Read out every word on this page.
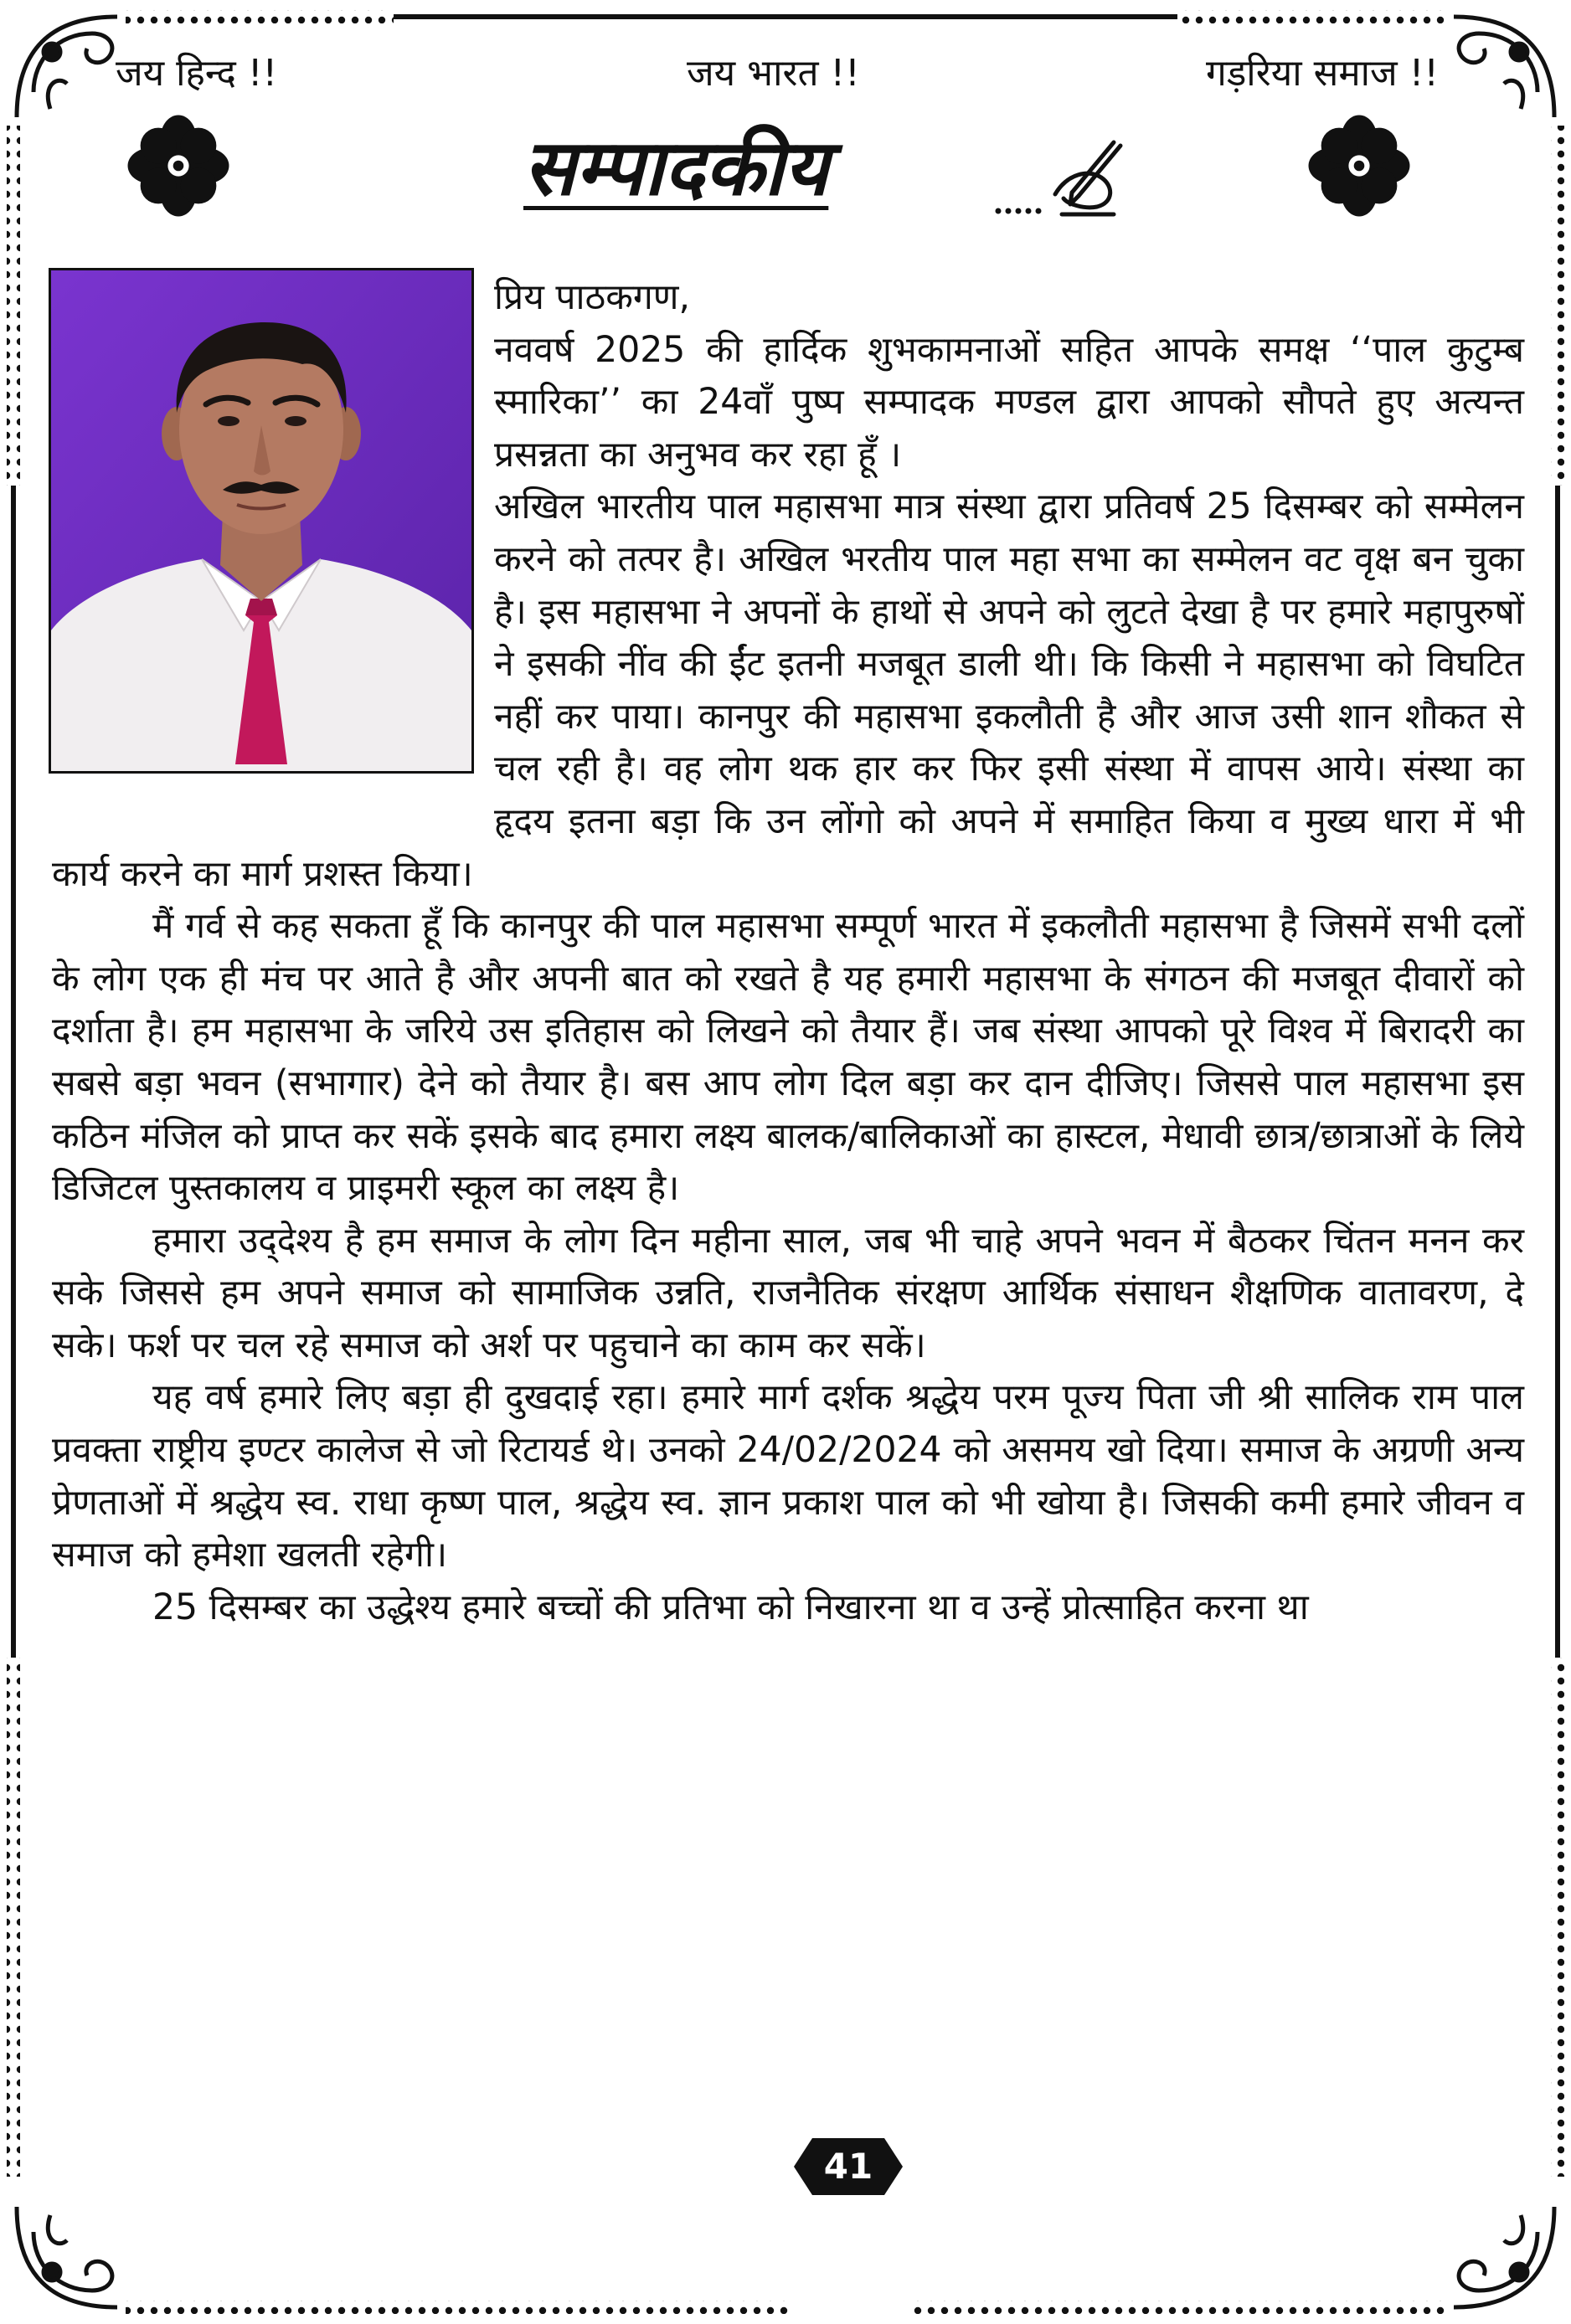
जय हिन्द !!	जय भारत !!	गड़रिया समाज !!
सम्पादकीय

प्रिय पाठकगण,

नववर्ष 2025 की हार्दिक शुभकामनाओं सहित आपके समक्ष ‘‘पाल कुटुम्ब स्मारिका’’ का 24वाँ पुष्प सम्पादक मण्डल द्वारा आपको सौपते हुए अत्यन्त प्रसन्नता का अनुभव कर रहा हूँ ।

अखिल भारतीय पाल महासभा मात्र संस्था द्वारा प्रतिवर्ष 25 दिसम्बर को सम्मेलन करने को तत्पर है। अखिल भरतीय पाल महा सभा का सम्मेलन वट वृक्ष बन चुका है। इस महासभा ने अपनों के हाथों से अपने को लुटते देखा है पर हमारे महापुरुषों ने इसकी नींव की ईंट इतनी मजबूत डाली थी। कि किसी ने महासभा को विघटित नहीं कर पाया। कानपुर की महासभा इकलौती है और आज उसी शान शौकत से चल रही है। वह लोग थक हार कर फिर इसी संस्था में वापस आये। संस्था का हृदय इतना बड़ा कि उन लोंगो को अपने में समाहित किया व मुख्य धारा में भी कार्य करने का मार्ग प्रशस्त किया।

मैं गर्व से कह सकता हूँ कि कानपुर की पाल महासभा सम्पूर्ण भारत में इकलौती महासभा है जिसमें सभी दलों के लोग एक ही मंच पर आते है और अपनी बात को रखते है यह हमारी महासभा के संगठन की मजबूत दीवारों को दर्शाता है। हम महासभा के जरिये उस इतिहास को लिखने को तैयार हैं। जब संस्था आपको पूरे विश्व में बिरादरी का सबसे बड़ा भवन (सभागार) देने को तैयार है। बस आप लोग दिल बड़ा कर दान दीजिए। जिससे पाल महासभा इस कठिन मंजिल को प्राप्त कर सकें इसके बाद हमारा लक्ष्य बालक/बालिकाओं का हास्टल, मेधावी छात्र/छात्राओं के लिये डिजिटल पुस्तकालय व प्राइमरी स्कूल का लक्ष्य है।

हमारा उद्‌देश्य है हम समाज के लोग दिन महीना साल, जब भी चाहे अपने भवन में बैठकर चिंतन मनन कर सके जिससे हम अपने समाज को सामाजिक उन्नति, राजनैतिक संरक्षण आर्थिक संसाधन शैक्षणिक वातावरण, दे सके। फर्श पर चल रहे समाज को अर्श पर पहुचाने का काम कर सकें।

यह वर्ष हमारे लिए बड़ा ही दुखदाई रहा। हमारे मार्ग दर्शक श्रद्धेय परम पूज्य पिता जी श्री सालिक राम पाल प्रवक्ता राष्ट्रीय इण्टर कालेज से जो रिटायर्ड थे। उनको 24/02/2024 को असमय खो दिया। समाज के अग्रणी अन्य प्रेणताओं में श्रद्धेय स्व. राधा कृष्ण पाल, श्रद्धेय स्व. ज्ञान प्रकाश पाल को भी खोया है। जिसकी कमी हमारे जीवन व समाज को हमेशा खलती रहेगी।

25 दिसम्बर का उद्धेश्य हमारे बच्चों की प्रतिभा को निखारना था व उन्हें प्रोत्साहित करना था

41
